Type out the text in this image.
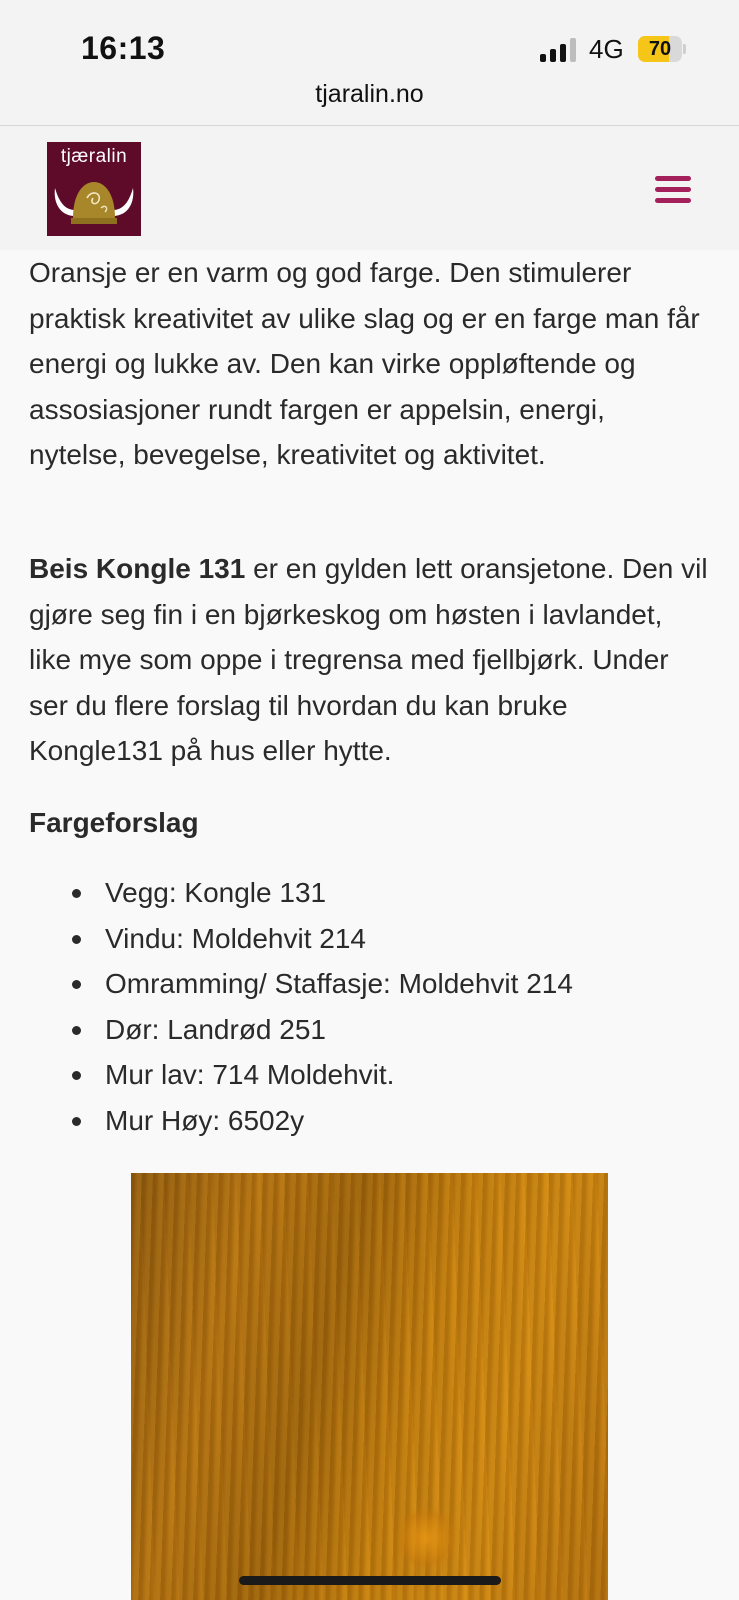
16:13	4G	70
tjaralin.no
tjæralin

Oransje er en varm og god farge. Den stimulerer praktisk kreativitet av ulike slag og er en farge man får energi og lukke av. Den kan virke oppløftende og assosiasjoner rundt fargen er appelsin, energi, nytelse, bevegelse, kreativitet og aktivitet.

Beis Kongle 131 er en gylden lett oransjetone. Den vil gjøre seg fin i en bjørkeskog om høsten i lavlandet, like mye som oppe i tregrensa med fjellbjørk. Under ser du flere forslag til hvordan du kan bruke Kongle131 på hus eller hytte.

Fargeforslag
Vegg: Kongle 131
Vindu: Moldehvit 214
Omramming/ Staffasje: Moldehvit 214
Dør: Landrød 251
Mur lav: 714 Moldehvit.
Mur Høy: 6502y
